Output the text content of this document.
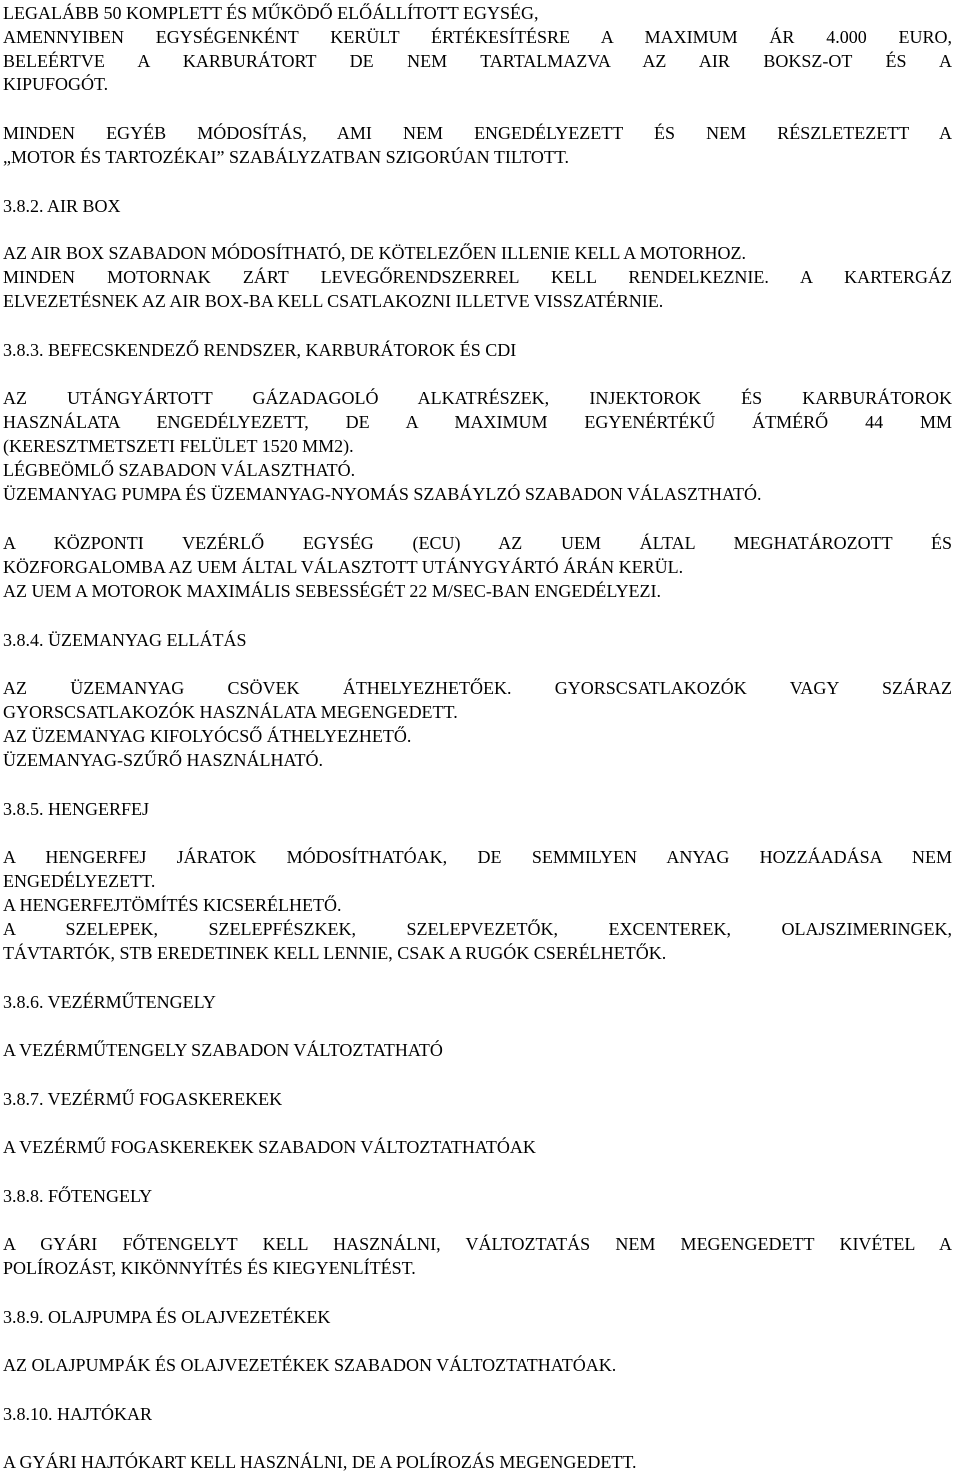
LEGALÁBB 50 KOMPLETT ÉS MŰKÖDŐ ELŐÁLLÍTOTT EGYSÉG,
AMENNYIBEN EGYSÉGENKÉNT KERÜLT ÉRTÉKESÍTÉSRE A MAXIMUM ÁR 4.000 EURO,
BELEÉRTVE A KARBURÁTORT DE NEM TARTALMAZVA AZ AIR BOKSZ-OT ÉS A
KIPUFOGÓT.
MINDEN EGYÉB MÓDOSÍTÁS, AMI NEM ENGEDÉLYEZETT ÉS NEM RÉSZLETEZETT A
„MOTOR ÉS TARTOZÉKAI” SZABÁLYZATBAN SZIGORÚAN TILTOTT.
3.8.2. AIR BOX
AZ AIR BOX SZABADON MÓDOSÍTHATÓ, DE KÖTELEZŐEN ILLENIE KELL A MOTORHOZ.
MINDEN MOTORNAK ZÁRT LEVEGŐRENDSZERREL KELL RENDELKEZNIE. A KARTERGÁZ
ELVEZETÉSNEK AZ AIR BOX-BA KELL CSATLAKOZNI ILLETVE VISSZATÉRNIE.
3.8.3. BEFECSKENDEZŐ RENDSZER, KARBURÁTOROK ÉS CDI
AZ UTÁNGYÁRTOTT GÁZADAGOLÓ ALKATRÉSZEK, INJEKTOROK ÉS KARBURÁTOROK
HASZNÁLATA ENGEDÉLYEZETT, DE A MAXIMUM EGYENÉRTÉKŰ ÁTMÉRŐ 44 MM
(KERESZTMETSZETI FELÜLET 1520 MM2).
LÉGBEÖMLŐ SZABADON VÁLASZTHATÓ.
ÜZEMANYAG PUMPA ÉS ÜZEMANYAG-NYOMÁS SZABÁYLZÓ SZABADON VÁLASZTHATÓ.
A KÖZPONTI VEZÉRLŐ EGYSÉG (ECU) AZ UEM ÁLTAL MEGHATÁROZOTT ÉS
KÖZFORGALOMBA AZ UEM ÁLTAL VÁLASZTOTT UTÁNYGYÁRTÓ ÁRÁN KERÜL.
AZ UEM A MOTOROK MAXIMÁLIS SEBESSÉGÉT 22 M/SEC-BAN ENGEDÉLYEZI.
3.8.4. ÜZEMANYAG ELLÁTÁS
AZ ÜZEMANYAG CSÖVEK ÁTHELYEZHETŐEK. GYORSCSATLAKOZÓK VAGY SZÁRAZ
GYORSCSATLAKOZÓK HASZNÁLATA MEGENGEDETT.
AZ ÜZEMANYAG KIFOLYÓCSŐ ÁTHELYEZHETŐ.
ÜZEMANYAG-SZŰRŐ HASZNÁLHATÓ.
3.8.5. HENGERFEJ
A HENGERFEJ JÁRATOK MÓDOSÍTHATÓAK, DE SEMMILYEN ANYAG HOZZÁADÁSA NEM
ENGEDÉLYEZETT.
A HENGERFEJTÖMÍTÉS KICSERÉLHETŐ.
A SZELEPEK, SZELEPFÉSZKEK, SZELEPVEZETŐK, EXCENTEREK, OLAJSZIMERINGEK,
TÁVTARTÓK, STB EREDETINEK KELL LENNIE, CSAK A RUGÓK CSERÉLHETŐK.
3.8.6. VEZÉRMŰTENGELY
A VEZÉRMŰTENGELY SZABADON VÁLTOZTATHATÓ
3.8.7. VEZÉRMŰ FOGASKEREKEK
A VEZÉRMŰ FOGASKEREKEK SZABADON VÁLTOZTATHATÓAK
3.8.8. FŐTENGELY
A GYÁRI FŐTENGELYT KELL HASZNÁLNI, VÁLTOZTATÁS NEM MEGENGEDETT KIVÉTEL A
POLÍROZÁST, KIKÖNNYÍTÉS ÉS KIEGYENLÍTÉST.
3.8.9. OLAJPUMPA ÉS OLAJVEZETÉKEK
AZ OLAJPUMPÁK ÉS OLAJVEZETÉKEK SZABADON VÁLTOZTATHATÓAK.
3.8.10. HAJTÓKAR
A GYÁRI HAJTÓKART KELL HASZNÁLNI, DE A POLÍROZÁS MEGENGEDETT.
